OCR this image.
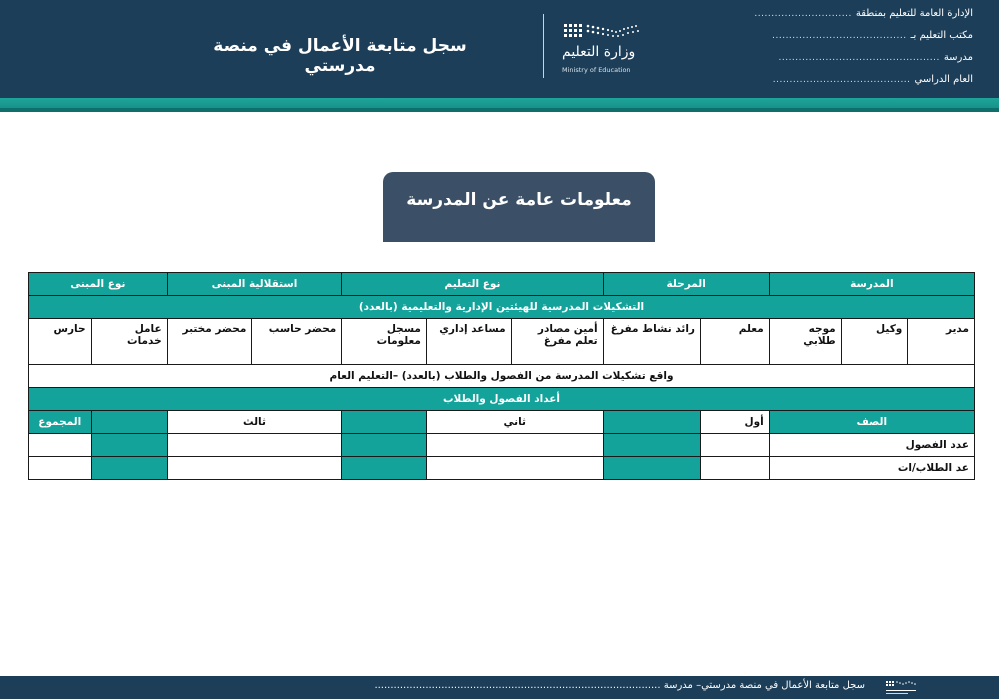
الإدارة العامة للتعليم بمنطقة
.............................
مكتب التعليم بـ
........................................
مدرسة
................................................
العام الدراسي
.........................................
وزارة التعليم
Ministry of Education
سجل متابعة الأعمال في منصة مدرستي
معلومات عامة عن المدرسة
المدرسة			المرحلة		نوع التعليم			استقلالية المبنى		نوع المبنى	
التشكيلات المدرسية للهيئتين الإدارية والتعليمية (بالعدد)											
مدير	وكيل	موجه طلابي	معلم	رائد نشاط مفرغ	أمين مصادر تعلم مفرغ	مساعد إداري	مسجل معلومات	محضر حاسب	محضر مختبر	عامل خدمات	حارس
واقع تشكيلات المدرسة من الفصول والطلاب (بالعدد) –التعليم العام											
أعداد الفصول والطلاب											
الصف			أول		ثاني			ثالث			المجموع
عدد الفصول											
عد الطلاب/ات											
سجل متابعة الأعمال في منصة مدرستي– مدرسة ..........................................................................................
